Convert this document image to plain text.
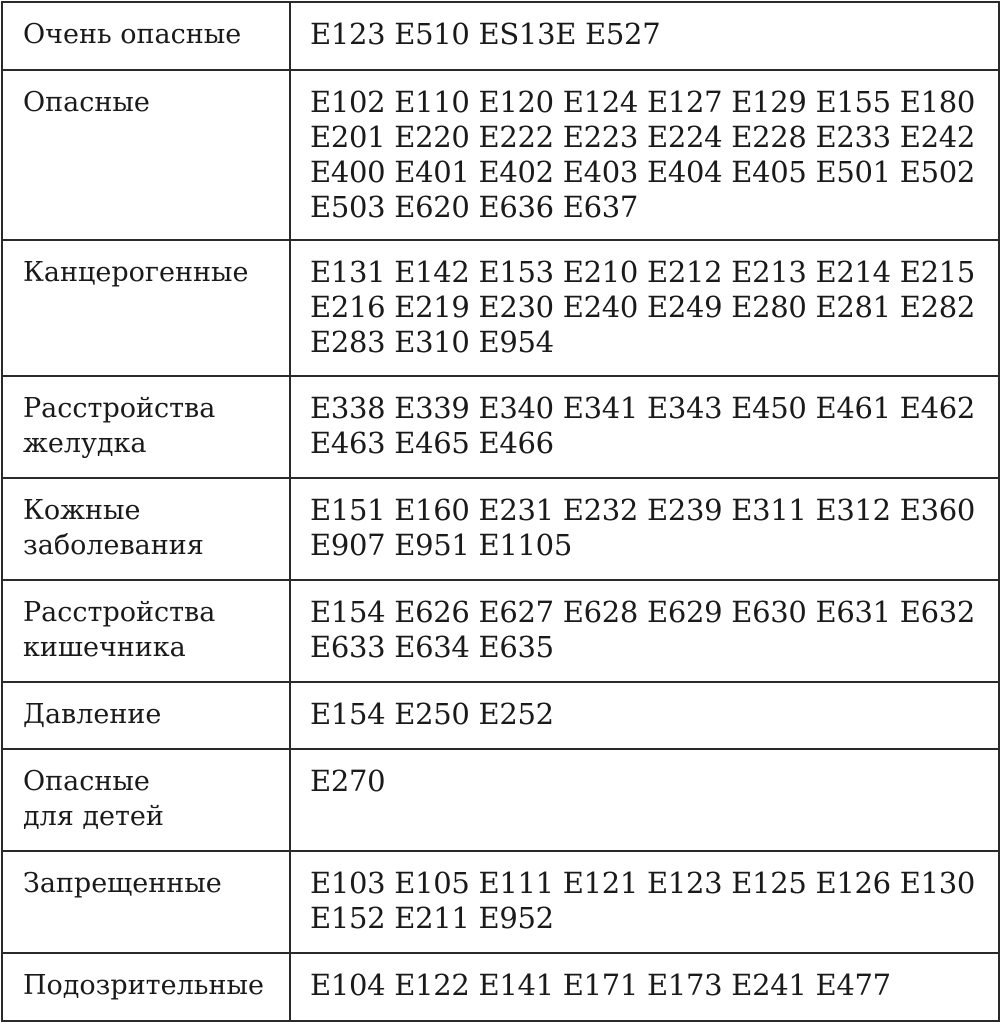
Очень опасные	E123 E510 ES13E E527
Опасные	E102 E110 E120 E124 E127 E129 E155 E180 E201 E220 E222 E223 E224 E228 E233 E242 E400 E401 E402 E403 E404 E405 E501 E502 E503 E620 E636 E637
Канцерогенные	E131 E142 E153 E210 E212 E213 E214 E215 E216 E219 E230 E240 E249 E280 E281 E282 E283 E310 E954
Расстройства
желудка	E338 E339 E340 E341 E343 E450 E461 E462 E463 E465 E466
Кожные
заболевания	E151 E160 E231 E232 E239 E311 E312 E360 E907 E951 E1105
Расстройства
кишечника	E154 E626 E627 E628 E629 E630 E631 E632 E633 E634 E635
Давление	E154 E250 E252
Опасные
для детей	E270
Запрещенные	E103 E105 E111 E121 E123 E125 E126 E130 E152 E211 E952
Подозрительные	E104 E122 E141 E171 E173 E241 E477
